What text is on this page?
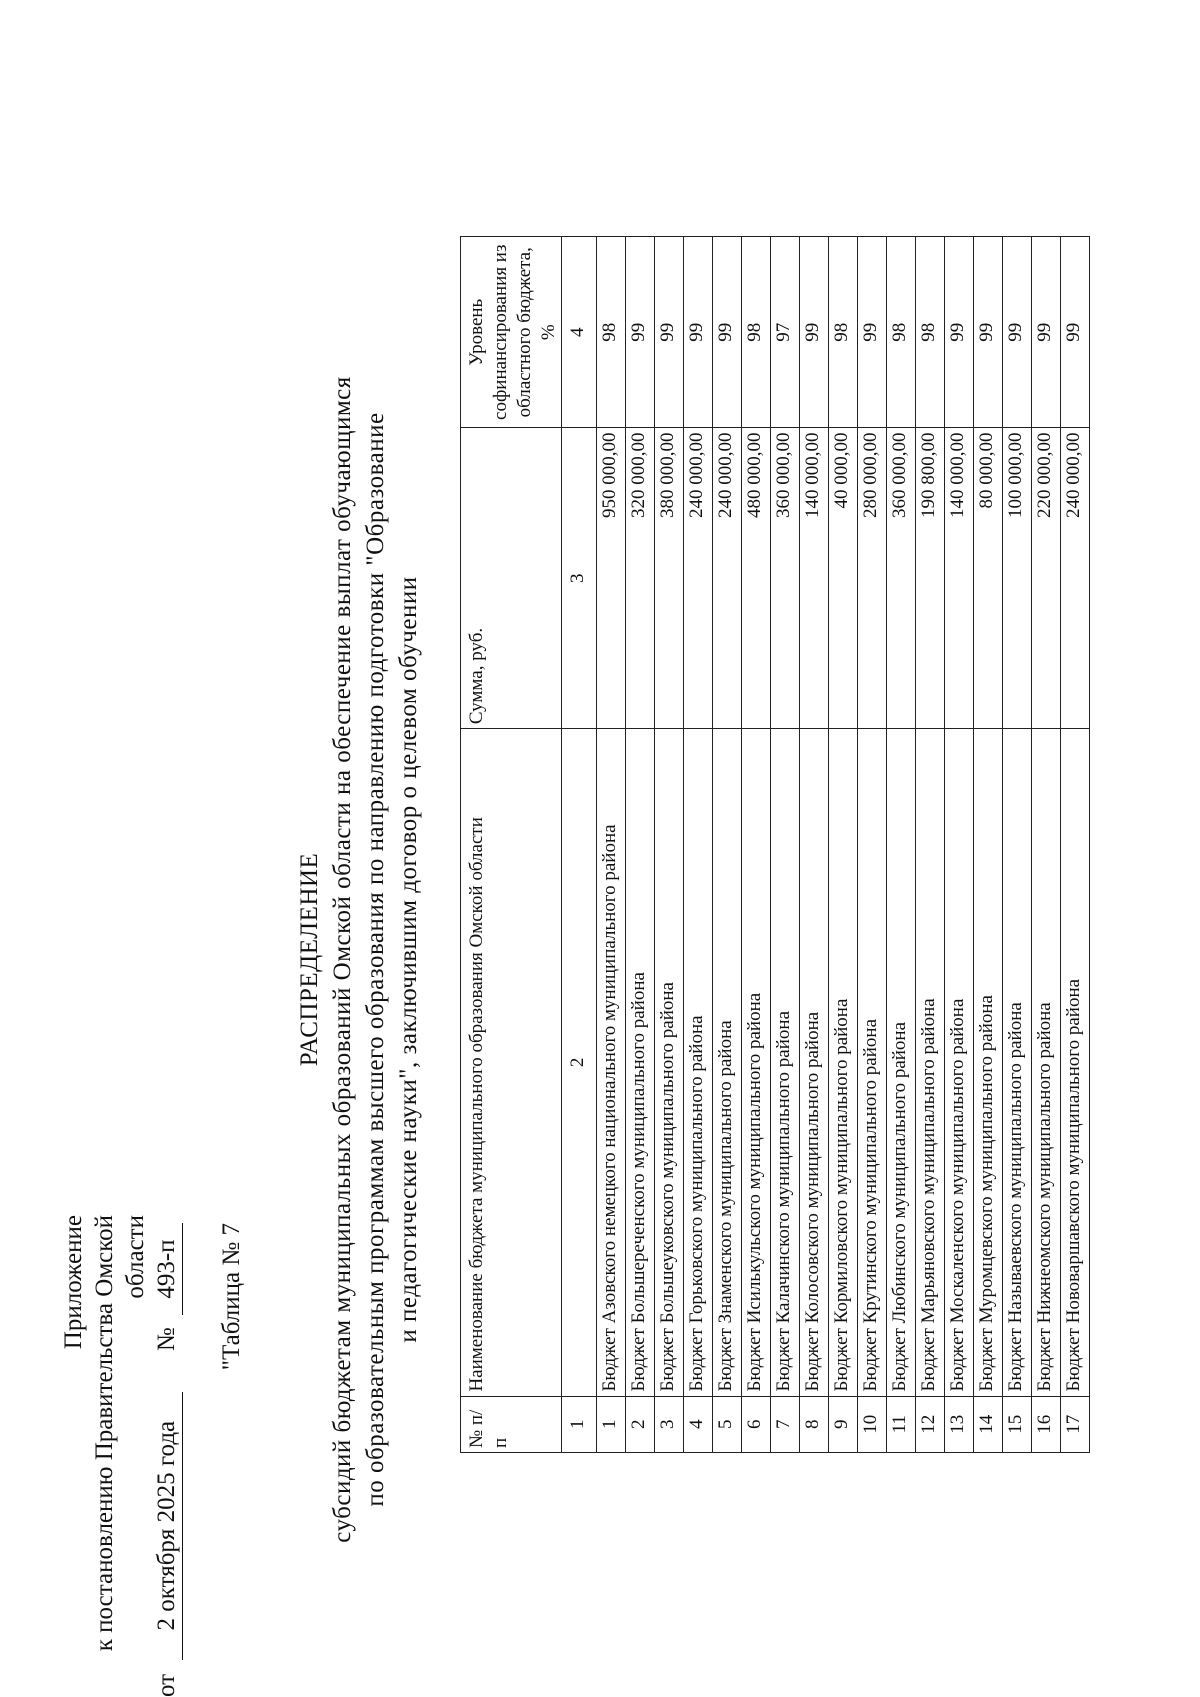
Приложение к постановлению Правительства Омской области
от 2 октября 2025 года  № 493-п "Таблица № 7
РАСПРЕДЕЛЕНИЕ субсидий бюджетам муниципальных образований Омской области на обеспечение выплат обучающимся по образовательным программам высшего образования по направлению подготовки "Образование и педагогические науки", заключившим договор о целевом обучении
№ п/п	Наименование бюджета муниципального образования Омской области	Сумма, руб.	Уровень софинансирования из областного бюджета, %
1	2	3	4
1	Бюджет Азовского немецкого национального муниципального района	950 000,00	98
2	Бюджет Большереченского муниципального района	320 000,00	99
3	Бюджет Большеуковского муниципального района	380 000,00	99
4	Бюджет Горьковского муниципального района	240 000,00	99
5	Бюджет Знаменского муниципального района	240 000,00	99
6	Бюджет Исилькульского муниципального района	480 000,00	98
7	Бюджет Калачинского муниципального района	360 000,00	97
8	Бюджет Колосовского муниципального района	140 000,00	99
9	Бюджет Кормиловского муниципального района	40 000,00	98
10	Бюджет Крутинского муниципального района	280 000,00	99
11	Бюджет Любинского муниципального района	360 000,00	98
12	Бюджет Марьяновского муниципального района	190 800,00	98
13	Бюджет Москаленского муниципального района	140 000,00	99
14	Бюджет Муромцевского муниципального района	80 000,00	99
15	Бюджет Называевского муниципального района	100 000,00	99
16	Бюджет Нижнеомского муниципального района	220 000,00	99
17	Бюджет Нововаршавского муниципального района	240 000,00	99
